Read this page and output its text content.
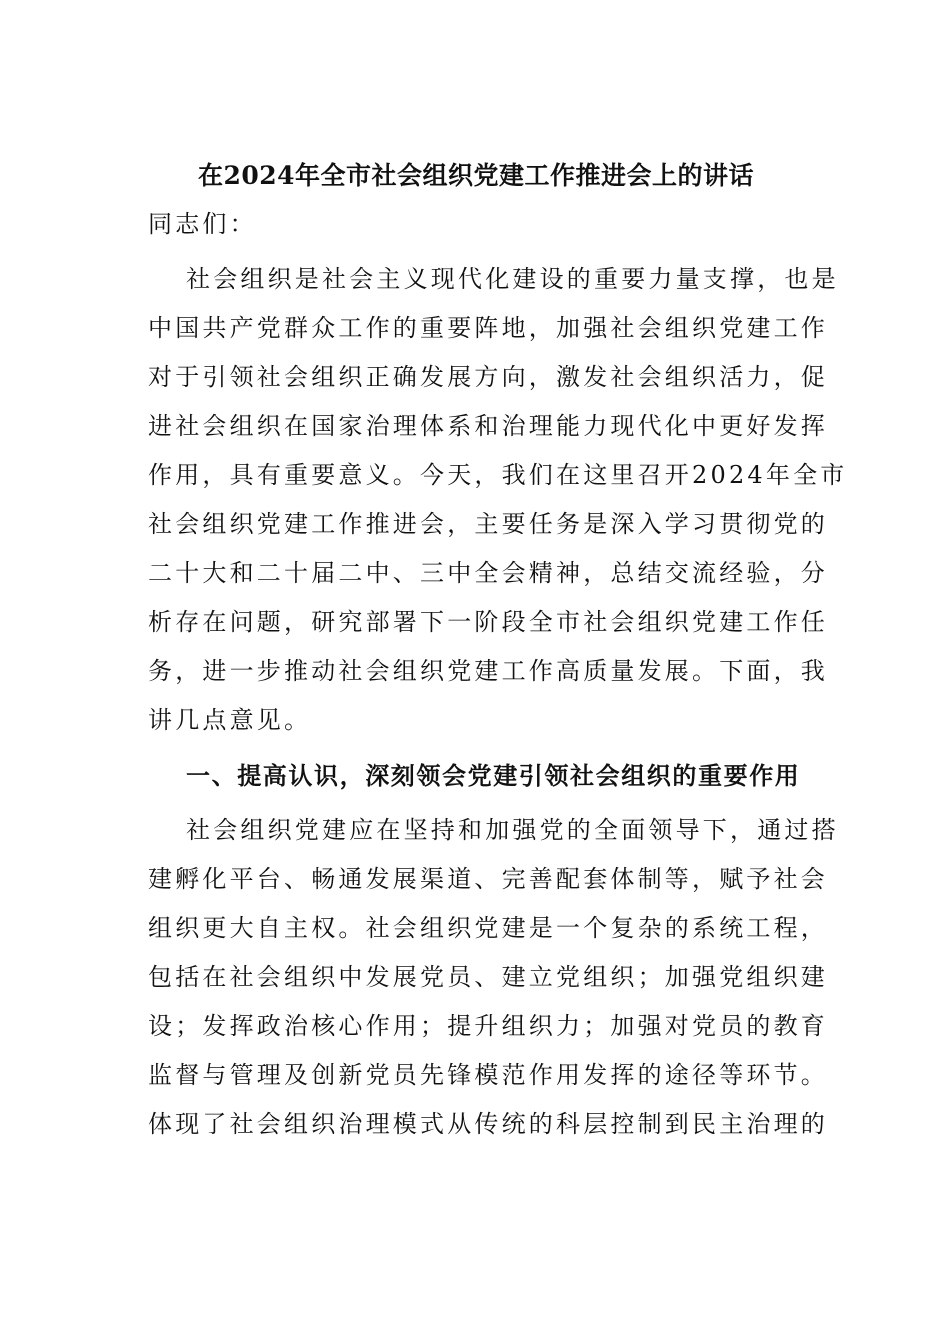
在2024年全市社会组织党建工作推进会上的讲话
同志们：
社会组织是社会主义现代化建设的重要力量支撑，也是
中国共产党群众工作的重要阵地，加强社会组织党建工作
对于引领社会组织正确发展方向，激发社会组织活力，促
进社会组织在国家治理体系和治理能力现代化中更好发挥
作用，具有重要意义。今天，我们在这里召开2024年全市
社会组织党建工作推进会，主要任务是深入学习贯彻党的
二十大和二十届二中、三中全会精神，总结交流经验，分
析存在问题，研究部署下一阶段全市社会组织党建工作任
务，进一步推动社会组织党建工作高质量发展。下面，我
讲几点意见。
一、提高认识，深刻领会党建引领社会组织的重要作用
社会组织党建应在坚持和加强党的全面领导下，通过搭
建孵化平台、畅通发展渠道、完善配套体制等，赋予社会
组织更大自主权。社会组织党建是一个复杂的系统工程，
包括在社会组织中发展党员、建立党组织；加强党组织建
设；发挥政治核心作用；提升组织力；加强对党员的教育
监督与管理及创新党员先锋模范作用发挥的途径等环节。
体现了社会组织治理模式从传统的科层控制到民主治理的
